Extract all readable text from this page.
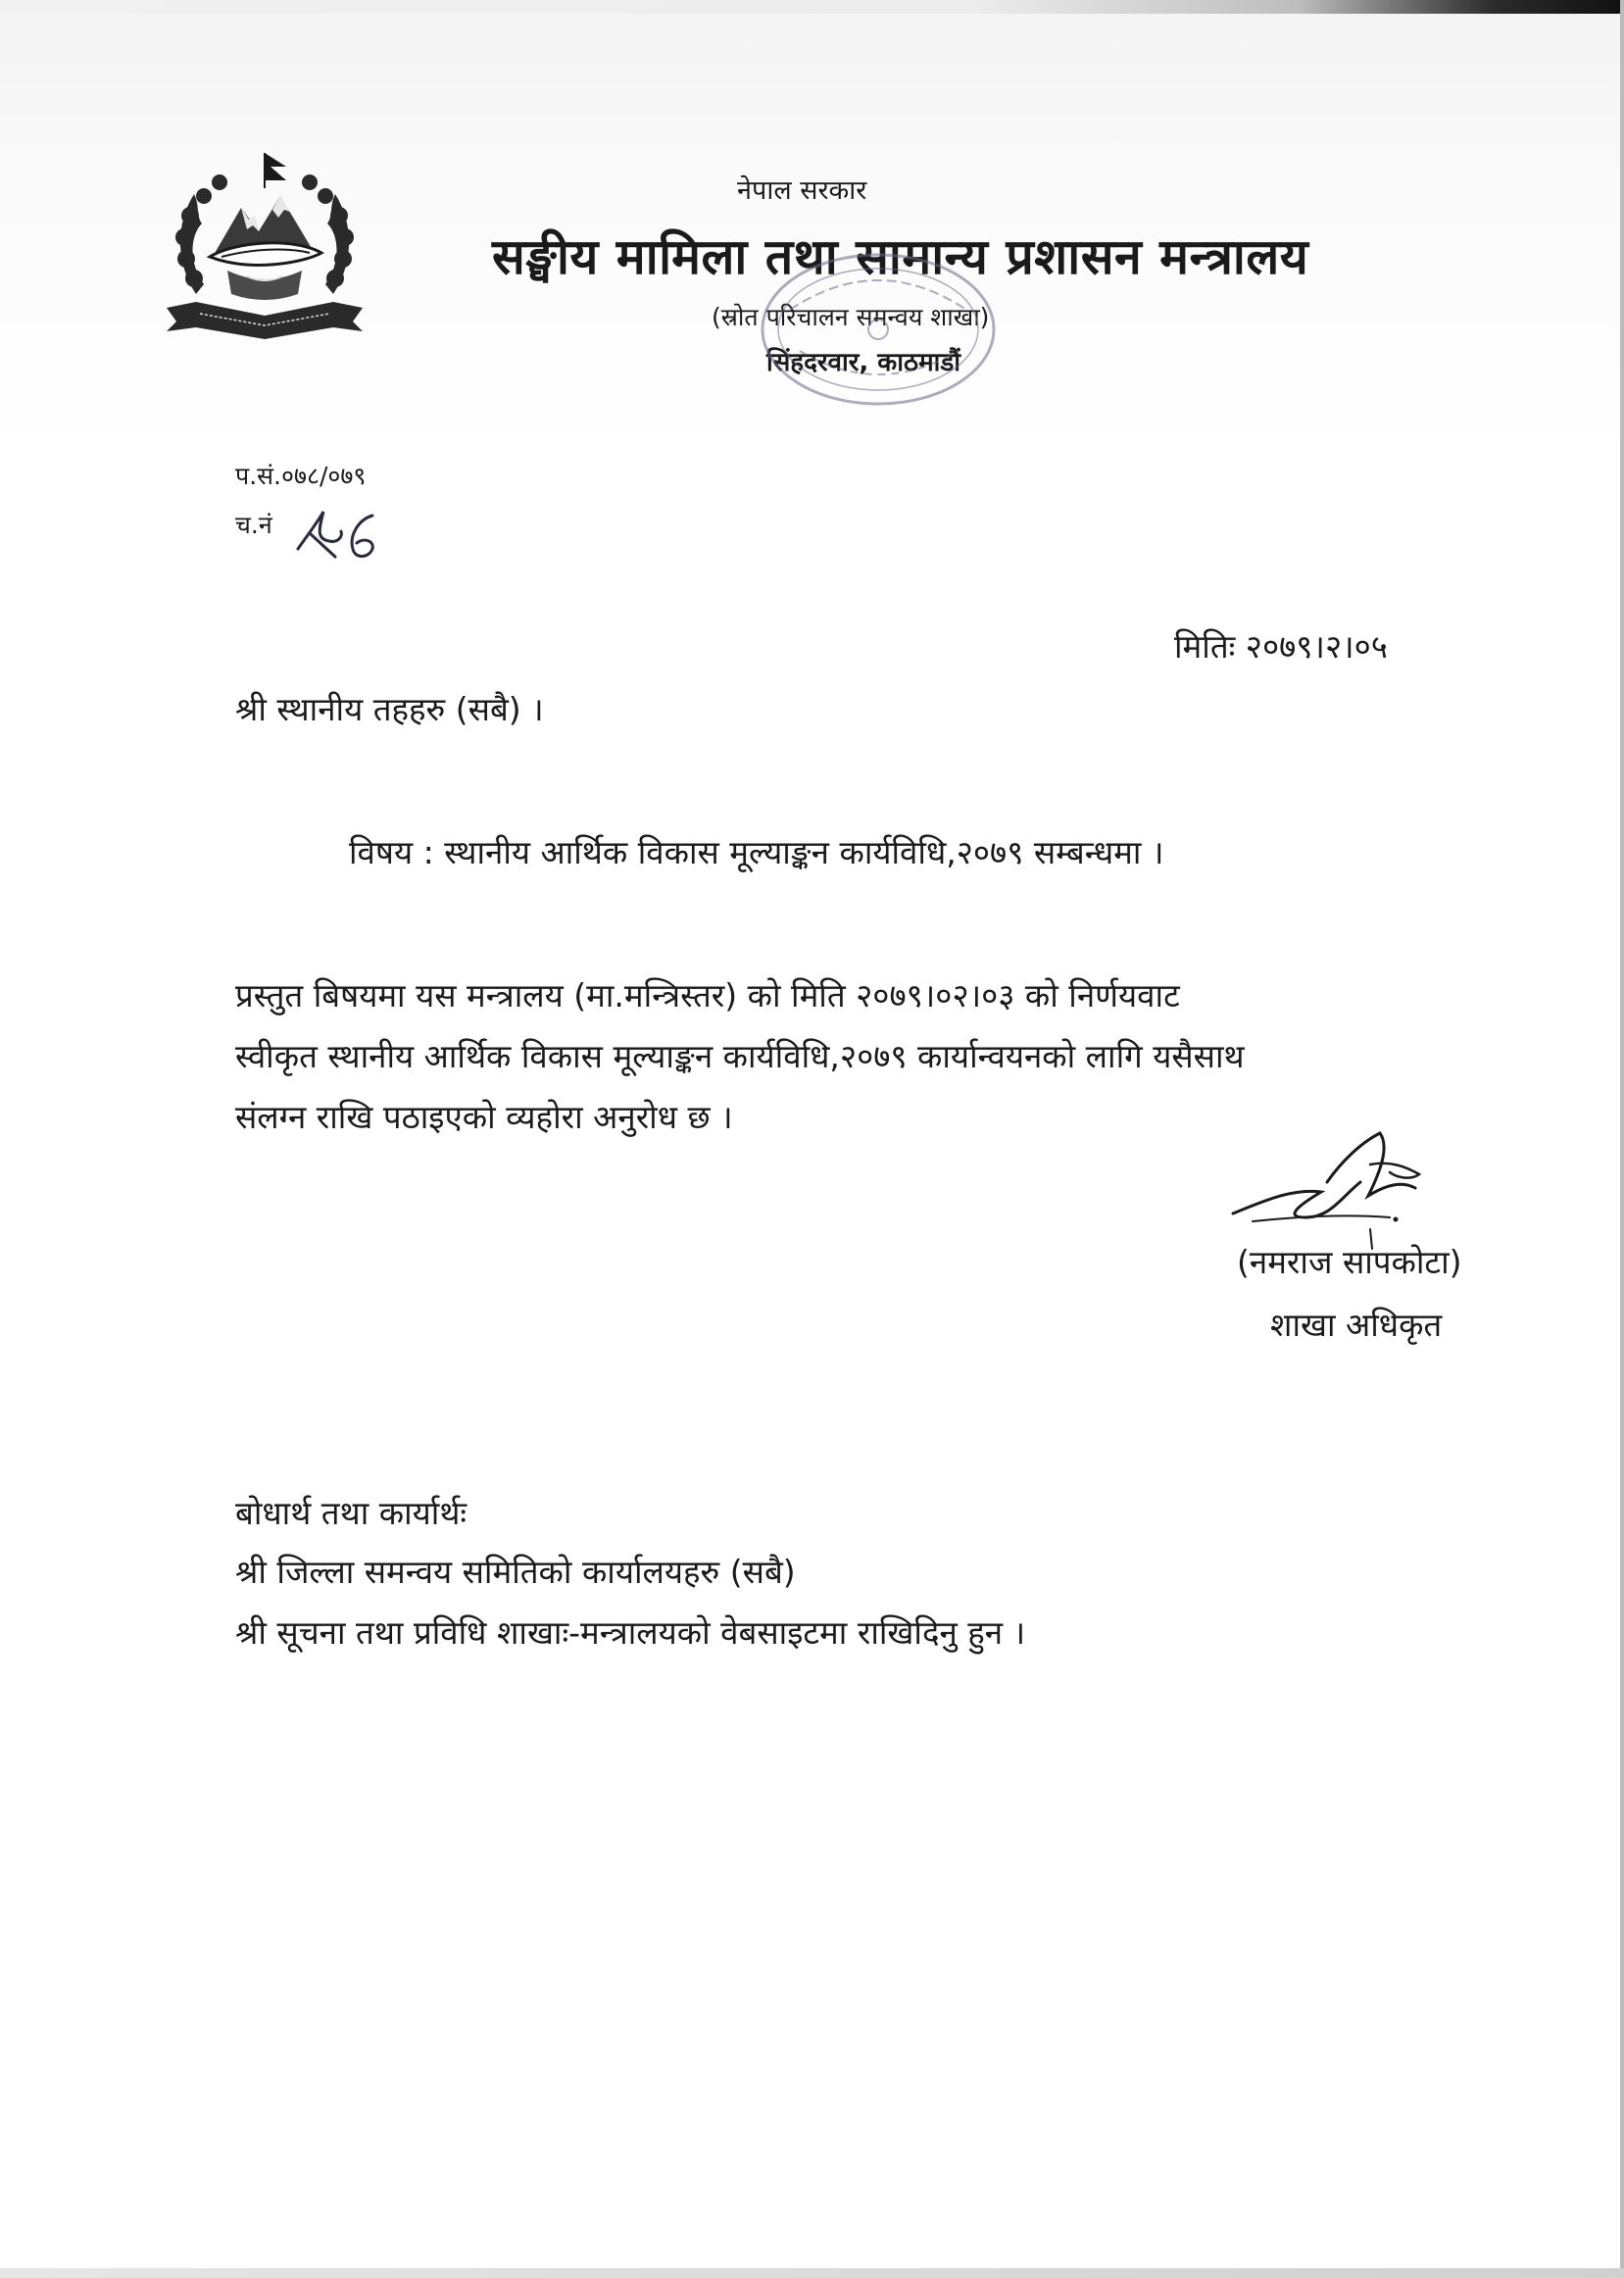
नेपाल सरकार
सङ्घीय मामिला तथा सामान्य प्रशासन मन्त्रालय
(स्रोत परिचालन समन्वय शाखा)
सिंहदरवार, काठमाडौं
प.सं.०७८/०७९
च.नं
मितिः २०७९।२।०५
श्री स्थानीय तहहरु (सबै) ।
विषय : स्थानीय आर्थिक विकास मूल्याङ्कन कार्यविधि,२०७९ सम्बन्धमा ।
प्रस्तुत बिषयमा यस मन्त्रालय (मा.मन्त्रिस्तर) को मिति २०७९।०२।०३ को निर्णयवाट
स्वीकृत स्थानीय आर्थिक विकास मूल्याङ्कन कार्यविधि,२०७९ कार्यान्वयनको लागि यसैसाथ
संलग्न राखि पठाइएको व्यहोरा अनुरोध छ ।
(नमराज सापकोटा)
शाखा अधिकृत
बोधार्थ तथा कार्यार्थः
श्री जिल्ला समन्वय समितिको कार्यालयहरु (सबै)
श्री सूचना तथा प्रविधि शाखाः-मन्त्रालयको वेबसाइटमा राखिदिनु हुन ।
